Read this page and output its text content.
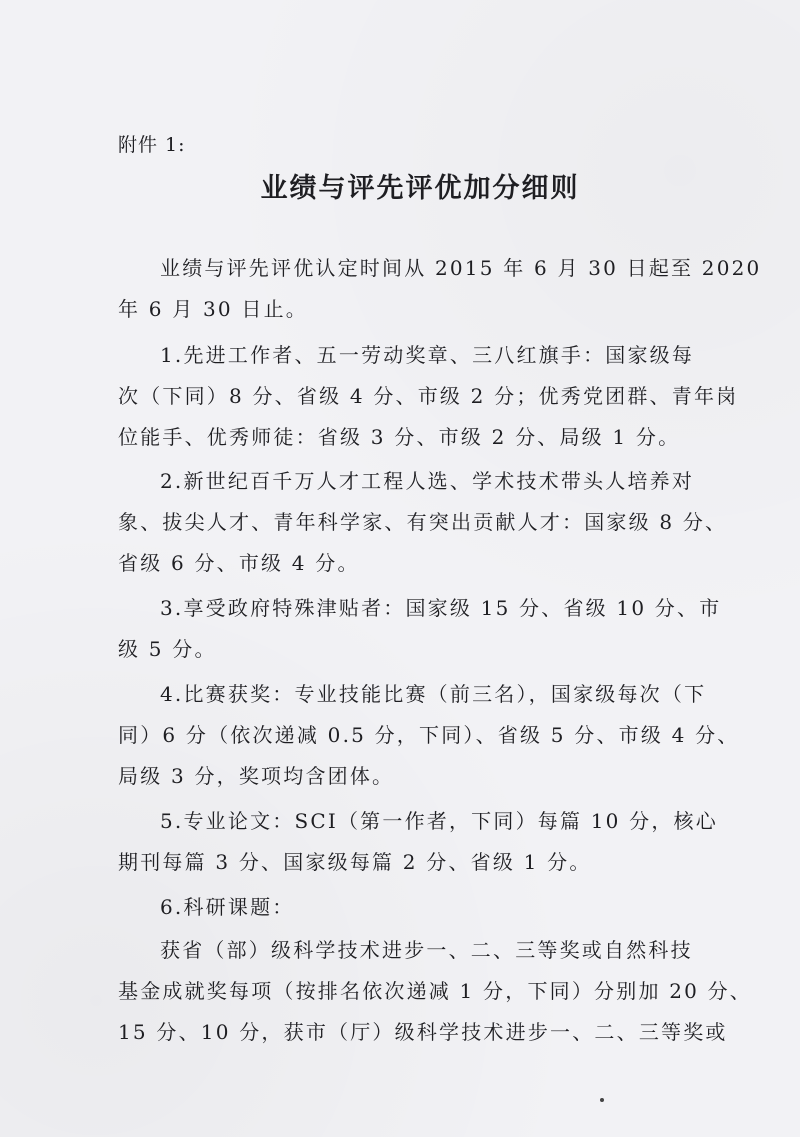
附件 1:
业绩与评先评优加分细则
业绩与评先评优认定时间从 2015 年 6 月 30 日起至 2020
年 6 月 30 日止。
1.先进工作者、五一劳动奖章、三八红旗手：国家级每
次（下同）8 分、省级 4 分、市级 2 分；优秀党团群、青年岗
位能手、优秀师徒：省级 3 分、市级 2 分、局级 1 分。
2.新世纪百千万人才工程人选、学术技术带头人培养对
象、拔尖人才、青年科学家、有突出贡献人才：国家级 8 分、
省级 6 分、市级 4 分。
3.享受政府特殊津贴者：国家级 15 分、省级 10 分、市
级 5 分。
4.比赛获奖：专业技能比赛（前三名），国家级每次（下
同）6 分（依次递减 0.5 分，下同）、省级 5 分、市级 4 分、
局级 3 分，奖项均含团体。
5.专业论文：SCI（第一作者，下同）每篇 10 分，核心
期刊每篇 3 分、国家级每篇 2 分、省级 1 分。
6.科研课题：
获省（部）级科学技术进步一、二、三等奖或自然科技
基金成就奖每项（按排名依次递减 1 分，下同）分别加 20 分、
15 分、10 分，获市（厅）级科学技术进步一、二、三等奖或
